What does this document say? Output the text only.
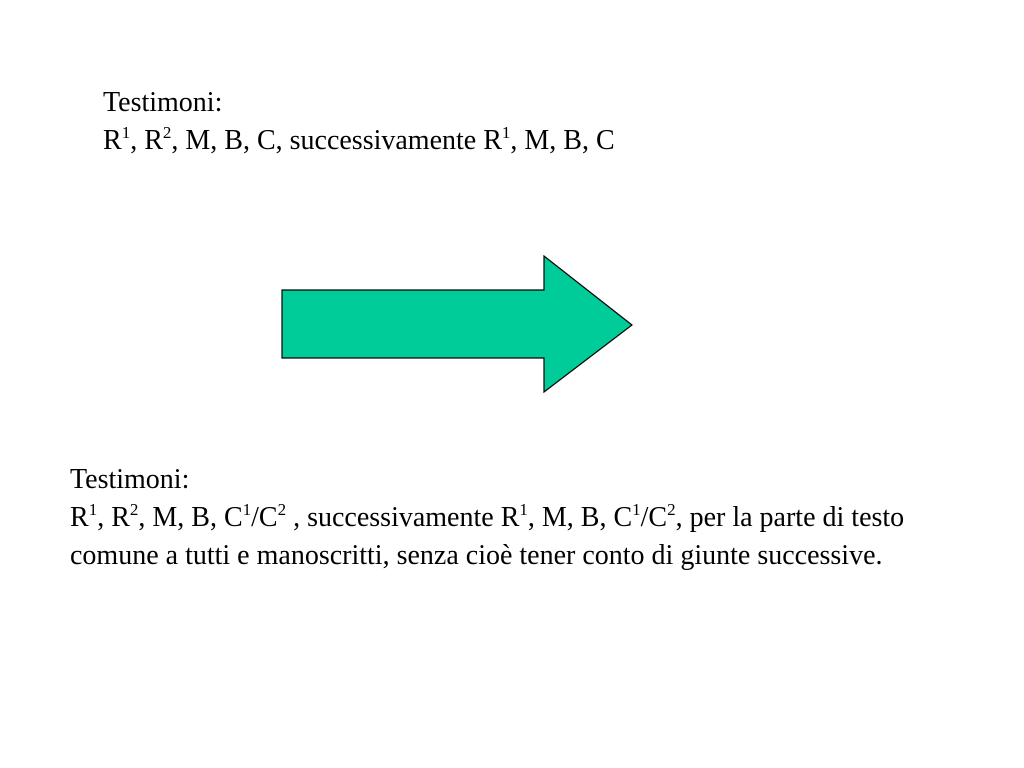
Testimoni:
$R^1$, $R^2$, M, B, C, successivamente $R^1$, M, B, C
Testimoni:
$R^1$, $R^2$, M, B, $C^1/C^2$ , successivamente $R^1$, M, B, $C^1/C^2$, per la parte di testo comune a tutti e manoscritti, senza cioè tener conto di giunte successive.
